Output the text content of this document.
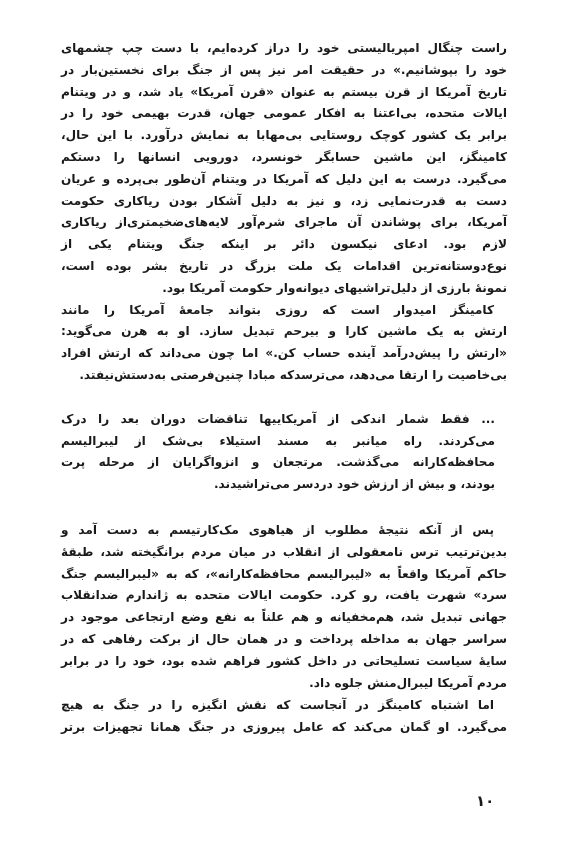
راست چنگال امپریالیستی خود را دراز کرده‌ایم، با دست چپ چشمهای
خود را بپوشانیم.» در حقیقت امر نیز پس از جنگ برای نخستین‌بار در
تاریخ آمریکا از قرن بیستم به عنوان «قرن آمریکا» یاد شد، و در ویتنام
ایالات متحده، بی‌اعتنا به افکار عمومی جهان، قدرت بهیمی خود را در
برابر یک کشور کوچک روستایی بی‌مهابا به نمایش درآورد. با این حال،
کامینگز، این ماشین حسابگر خونسرد، دورویی انسانها را دستکم
می‌گیرد. درست به این دلیل که آمریکا در ویتنام آن‌طور بی‌پرده و عریان
دست به قدرت‌نمایی زد، و نیز به دلیل آشکار بودن ریاکاری حکومت
آمریکا، برای پوشاندن آن ماجرای شرم‌آور لایه‌های‌ضخیمتری‌از ریاکاری
لازم بود. ادعای نیکسون دائر بر اینکه جنگ ویتنام یکی از
نوع‌دوستانه‌ترین اقدامات یک ملت بزرگ در تاریخ بشر بوده است،
نمونهٔ بارزی از دلیل‌تراشیهای دیوانه‌وار حکومت آمریکا بود.
کامینگز امیدوار است که روزی بتواند جامعهٔ آمریکا را مانند
ارتش به یک ماشین کارا و بیرحم تبدیل سازد. او به هرن می‌گوید:
«ارتش را پیش‌درآمد آینده حساب کن.» اما چون می‌داند که ارتش افراد
بی‌خاصیت را ارتقا می‌دهد، می‌ترسدکه مبادا چنین‌فرصتی به‌دستش‌نیفتد.
... فقط شمار اندکی از آمریکاییها تناقضات دوران بعد را درک
می‌کردند. راه میانبر به مسند استیلاء بی‌شک از لیبرالیسم
محافظه‌کارانه می‌گذشت. مرتجعان و انزواگرایان از مرحله پرت
بودند، و بیش از ارزش خود دردسر می‌تراشیدند.
پس از آنکه نتیجهٔ مطلوب از هیاهوی مک‌کارتیسم به دست آمد و
بدین‌ترتیب ترس نامعقولی از انقلاب در میان مردم برانگیخته شد، طبقهٔ
حاکم آمریکا واقعاً به «لیبرالیسم محافظه‌کارانه»، که به «لیبرالیسم جنگ
سرد» شهرت یافت، رو کرد. حکومت ایالات متحده به ژاندارم ضدانقلاب
جهانی تبدیل شد، هم‌مخفیانه و هم علناً به نفع وضع ارتجاعی موجود در
سراسر جهان به مداخله پرداخت و در همان حال از برکت رفاهی که در
سایهٔ سیاست تسلیحاتی در داخل کشور فراهم شده بود، خود را در برابر
مردم آمریکا لیبرال‌منش جلوه داد.
اما اشتباه کامینگز در آنجاست که نقش انگیزه را در جنگ به هیچ
می‌گیرد. او گمان می‌کند که عامل پیروزی در جنگ همانا تجهیزات برتر
۱۰
